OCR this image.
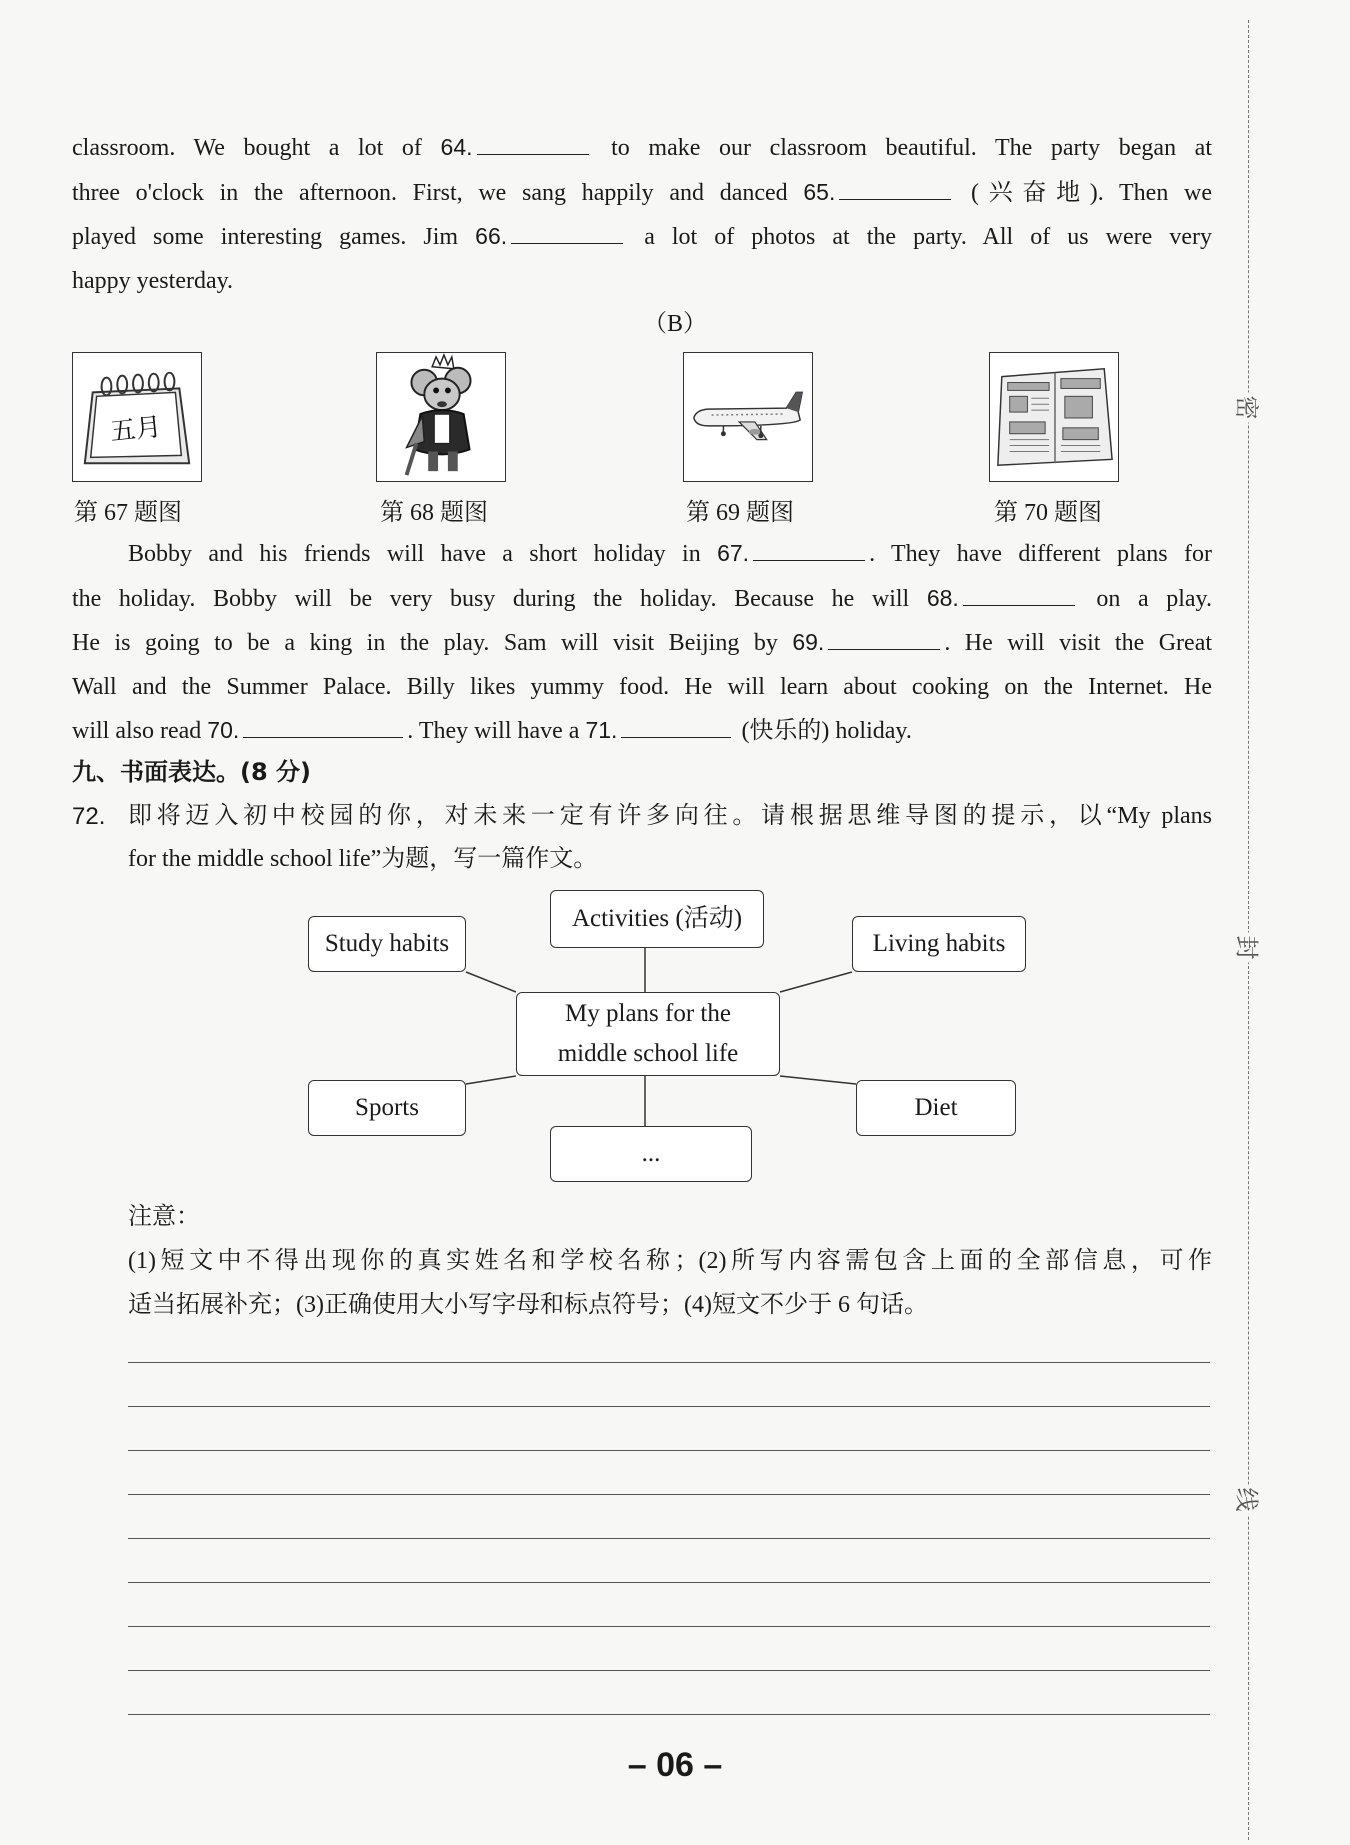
classroom. We bought a lot of 64.	to make our classroom beautiful. The party began at
three o'clock in the afternoon. First, we sang happily and danced 65.	(兴奋地). Then we
played some interesting games. Jim 66.	a lot of photos at the party. All of us were very
happy yesterday.
（B）
五月
第 67 题图	第 68 题图	第 69 题图	第 70 题图
Bobby and his friends will have a short holiday in 67.	. They have different plans for
the holiday. Bobby will be very busy during the holiday. Because he will 68.	on a play.
He is going to be a king in the play. Sam will visit Beijing by 69.	. He will visit the Great
Wall and the Summer Palace. Billy likes yummy food. He will learn about cooking on the Internet. He
will also read 70.	. They will have a 71.	(快乐的) holiday.
九、书面表达。(8 分)
72. 即将迈入初中校园的你，对未来一定有许多向往。请根据思维导图的提示，以“My plans
for the middle school life”为题，写一篇作文。
My plans for the
middle school life
Study habits
Activities (活动)
Living habits
Sports
...
Diet
注意：
(1)短文中不得出现你的真实姓名和学校名称；(2)所写内容需包含上面的全部信息，可作
适当拓展补充；(3)正确使用大小写字母和标点符号；(4)短文不少于 6 句话。
– 06 –
密
封
线
